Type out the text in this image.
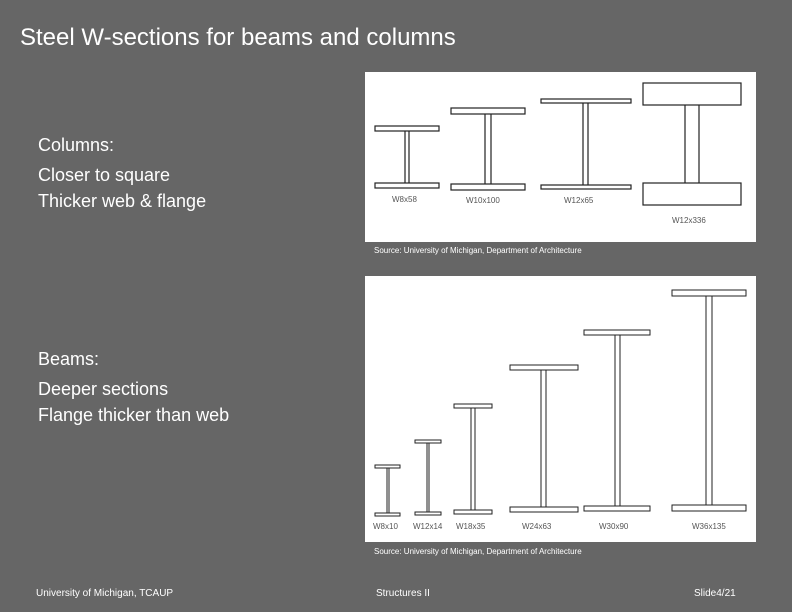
Steel W-sections for beams and columns
Columns:
Closer to square
Thicker web & flange	W8x58	W10x100	W12x65
W12x336
Source: University of Michigan, Department of Architecture
Beams:
Deeper sections
Flange thicker than web
W8x10 W12x14 W18x35	W24x63	W30x90	W36x135
Source: University of Michigan, Department of Architecture
University of Michigan, TCAUP	Structures II	Slide4/21
